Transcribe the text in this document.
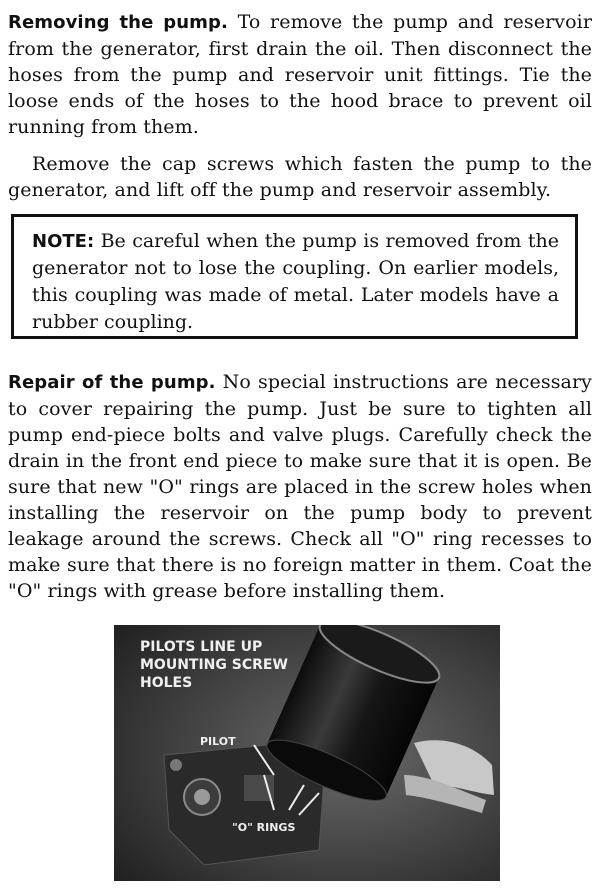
Removing the pump. To remove the pump and reservoir from the generator, first drain the oil. Then disconnect the hoses from the pump and reservoir unit fittings. Tie the loose ends of the hoses to the hood brace to prevent oil running from them.

Remove the cap screws which fasten the pump to the generator, and lift off the pump and reservoir assembly.

NOTE: Be careful when the pump is removed from the generator not to lose the coupling. On earlier models, this coupling was made of metal. Later models have a rubber coupling.

Repair of the pump. No special instructions are necessary to cover repairing the pump. Just be sure to tighten all pump end-piece bolts and valve plugs. Carefully check the drain in the front end piece to make sure that it is open. Be sure that new "O" rings are placed in the screw holes when installing the reservoir on the pump body to prevent leakage around the screws. Check all "O" ring recesses to make sure that there is no foreign matter in them. Coat the "O" rings with grease before installing them.

PILOTS LINE UP
MOUNTING SCREW
HOLES
PILOT
"O" RINGS
